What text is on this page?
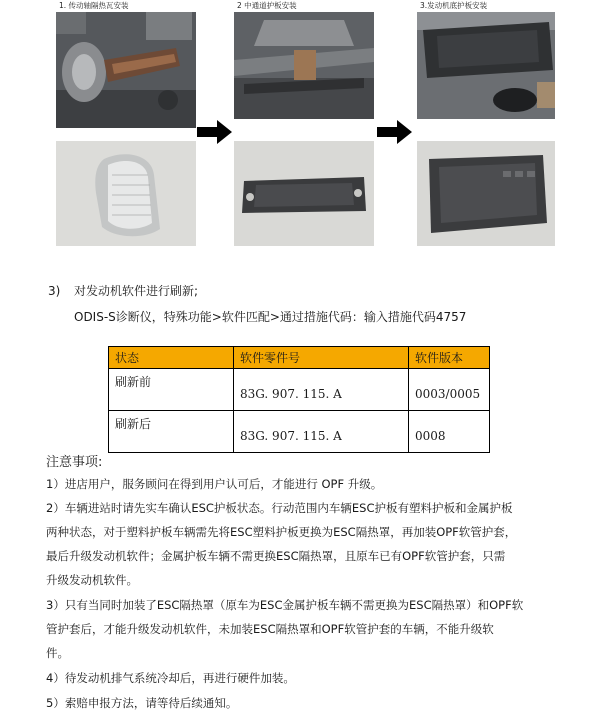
1. 传动轴隔热瓦安装	2 中通道护板安装	3.发动机底护板安装
3) 对发动机软件进行刷新;
ODIS-S诊断仪，特殊功能>软件匹配>通过措施代码：输入措施代码4757
状态	软件零件号	软件版本
刷新前	83G. 907. 115. A	0003/0005
刷新后	83G. 907. 115. A	0008
注意事项:
1）进店用户，服务顾问在得到用户认可后，才能进行 OPF 升级。
2）车辆进站时请先实车确认ESC护板状态。行动范围内车辆ESC护板有塑料护板和金属护板
两种状态，对于塑料护板车辆需先将ESC塑料护板更换为ESC隔热罩，再加装OPF软管护套，
最后升级发动机软件；金属护板车辆不需更换ESC隔热罩，且原车已有OPF软管护套，只需
升级发动机软件。
3）只有当同时加装了ESC隔热罩（原车为ESC金属护板车辆不需更换为ESC隔热罩）和OPF软
管护套后，才能升级发动机软件，未加装ESC隔热罩和OPF软管护套的车辆，不能升级软
件。
4）待发动机排气系统冷却后，再进行硬件加装。
5）索赔申报方法，请等待后续通知。
